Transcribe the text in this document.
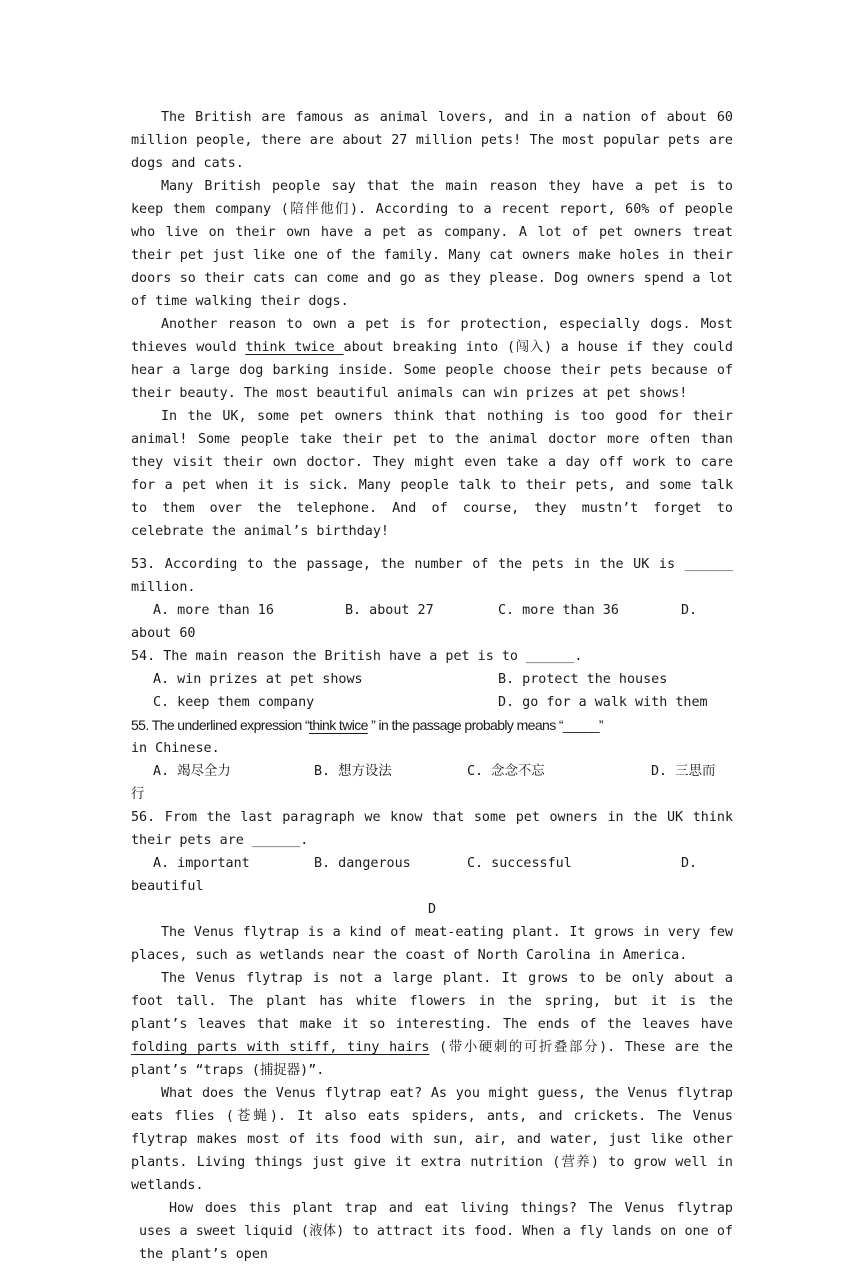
The British are famous as animal lovers, and in a nation of about 60 million people, there are about 27 million pets! The most popular pets are dogs and cats.

Many British people say that the main reason they have a pet is to keep them company (陪伴他们). According to a recent report, 60% of people who live on their own have a pet as company. A lot of pet owners treat their pet just like one of the family. Many cat owners make holes in their doors so their cats can come and go as they please. Dog owners spend a lot of time walking their dogs.

Another reason to own a pet is for protection, especially dogs. Most thieves would think twice about breaking into (闯入) a house if they could hear a large dog barking inside. Some people choose their pets because of their beauty. The most beautiful animals can win prizes at pet shows!

In the UK, some pet owners think that nothing is too good for their animal! Some people take their pet to the animal doctor more often than they visit their own doctor. They might even take a day off work to care for a pet when it is sick. Many people talk to their pets, and some talk to them over the telephone. And of course, they mustn’t forget to celebrate the animal’s birthday!

53. According to the passage, the number of the pets in the UK is ______ million.

A. more than 16	B. about 27	C. more than 36	D.

about 60

54. The main reason the British have a pet is to ______.

A. win prizes at pet shows	B. protect the houses
C. keep them company	D. go for a walk with them

55. The underlined expression “think twice ” in the passage probably means “_____”

in Chinese.

A. 竭尽全力	B. 想方设法	C. 念念不忘	D. 三思而

行

56. From the last paragraph we know that some pet owners in the UK think their pets are ______.

A. important	B. dangerous	C. successful	D.

beautiful

D

The Venus flytrap is a kind of meat-eating plant. It grows in very few places, such as wetlands near the coast of North Carolina in America.

The Venus flytrap is not a large plant. It grows to be only about a foot tall. The plant has white flowers in the spring, but it is the plant’s leaves that make it so interesting. The ends of the leaves have folding parts with stiff, tiny hairs (带小硬刺的可折叠部分). These are the plant’s “traps (捕捉器)”.

What does the Venus flytrap eat? As you might guess, the Venus flytrap eats flies (苍蝇). It also eats spiders, ants, and crickets. The Venus flytrap makes most of its food with sun, air, and water, just like other plants. Living things just give it extra nutrition (营养) to grow well in wetlands.

How does this plant trap and eat living things? The Venus flytrap uses a sweet liquid (液体) to attract its food. When a fly lands on one of the plant’s open
